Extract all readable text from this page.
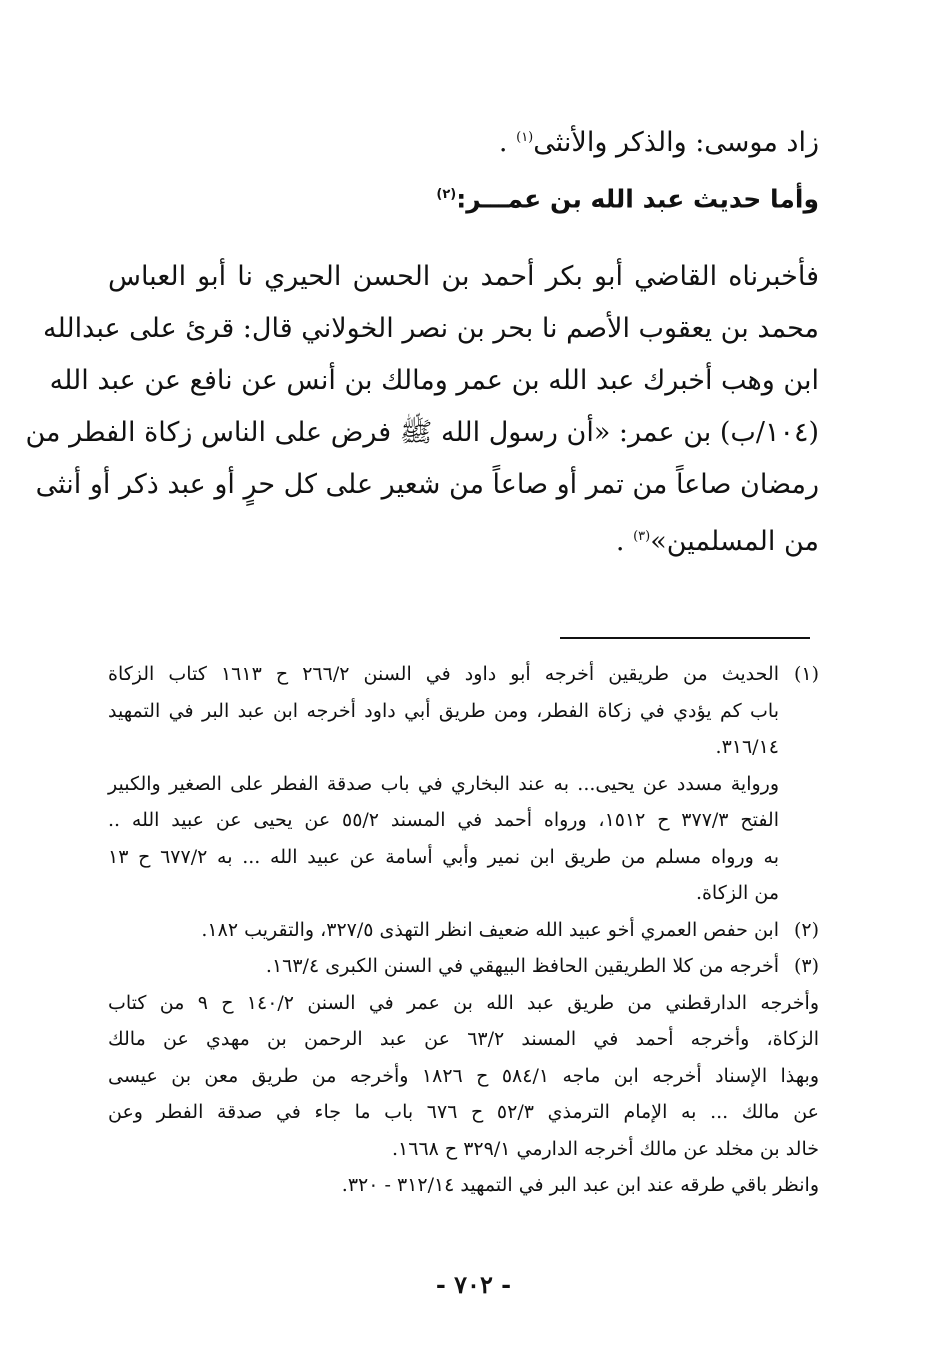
زاد موسى: والذكر والأنثى$^{(١)}$ .
وأما حديث عبد الله بن عمـــر:$^{(٢)}$
فأخبرناه القاضي أبو بكر أحمد بن الحسن الحيري نا أبو العباس
محمد بن يعقوب الأصم نا بحر بن نصر الخولاني قال: قرئ على عبدالله
ابن وهب أخبرك عبد الله بن عمر ومالك بن أنس عن نافع عن عبد الله
(١٠٤/ب) بن عمر: «أن رسول الله ﷺ فرض على الناس زكاة الفطر من
رمضان صاعاً من تمر أو صاعاً من شعير على كل حرٍ أو عبد ذكر أو أنثى
من المسلمين»$^{(٣)}$ .
(١)الحديث من طريقين أخرجه أبو داود في السنن ٢٦٦/٢ ح ١٦١٣ كتاب الزكاة
باب كم يؤدي في زكاة الفطر، ومن طريق أبي داود أخرجه ابن عبد البر في التمهيد
٣١٦/١٤.
ورواية مسدد عن يحيى... به عند البخاري في باب صدقة الفطر على الصغير والكبير
الفتح ٣٧٧/٣ ح ١٥١٢، ورواه أحمد في المسند ٥٥/٢ عن يحيى عن عبيد الله ..
به ورواه مسلم من طريق ابن نمير وأبي أسامة عن عبيد الله ... به ٦٧٧/٢ ح ١٣
من الزكاة.
(٢)ابن حفص العمري أخو عبيد الله ضعيف انظر التهذى ٣٢٧/٥، والتقريب ١٨٢.
(٣)أخرجه من كلا الطريقين الحافظ البيهقي في السنن الكبرى ١٦٣/٤.
وأخرجه الدارقطني من طريق عبد الله بن عمر في السنن ١٤٠/٢ ح ٩ من كتاب
الزكاة، وأخرجه أحمد في المسند ٦٣/٢ عن عبد الرحمن بن مهدي عن مالك
وبهذا الإسناد أخرجه ابن ماجه ٥٨٤/١ ح ١٨٢٦ وأخرجه من طريق معن بن عيسى
عن مالك ... به الإمام الترمذي ٥٢/٣ ح ٦٧٦ باب ما جاء في صدقة الفطر وعن
خالد بن مخلد عن مالك أخرجه الدارمي ٣٢٩/١ ح ١٦٦٨.
وانظر باقي طرقه عند ابن عبد البر في التمهيد ٣١٢/١٤ - ٣٢٠.
- ٧٠٢ -
